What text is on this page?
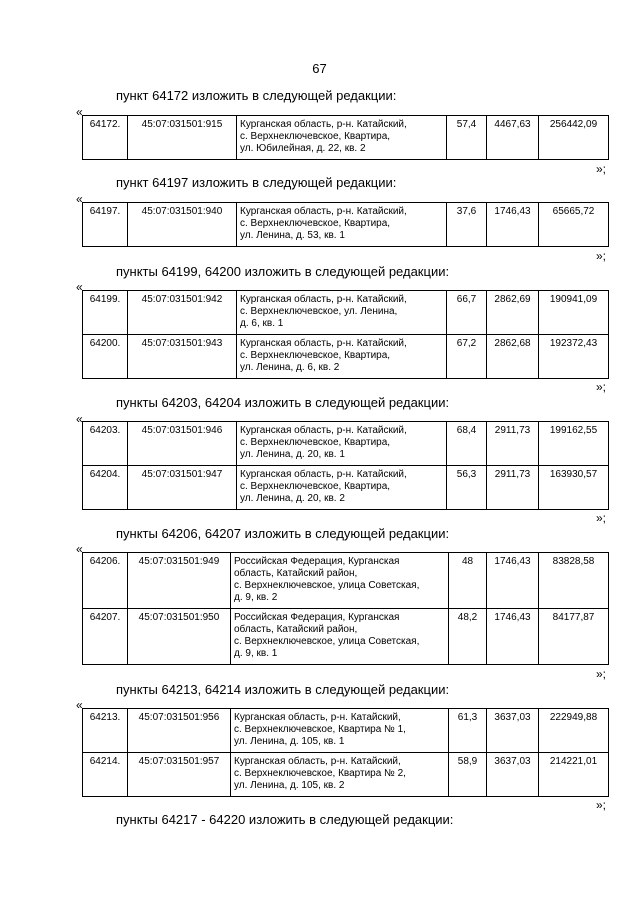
67
пункт 64172 изложить в следующей редакции:
«
64172.	45:07:031501:915	Курганская область, р-н. Катайский,
с. Верхнеключевское, Квартира,
ул. Юбилейная, д. 22, кв. 2
	57,4	4467,63	256442,09
»;
пункт 64197 изложить в следующей редакции:
«
64197.	45:07:031501:940	Курганская область, р-н. Катайский,
с. Верхнеключевское, Квартира,
ул. Ленина, д. 53, кв. 1
	37,6	1746,43	65665,72
»;
пункты 64199, 64200 изложить в следующей редакции:
«
64199.	45:07:031501:942	Курганская область, р-н. Катайский,
с. Верхнеключевское, ул. Ленина,
д. 6, кв. 1	66,7	2862,69	190941,09
64200.	45:07:031501:943	Курганская область, р-н. Катайский,
с. Верхнеключевское, Квартира,
ул. Ленина, д. 6, кв. 2	67,2	2862,68	192372,43
»;
пункты 64203, 64204 изложить в следующей редакции:
«
64203.	45:07:031501:946	Курганская область, р-н. Катайский,
с. Верхнеключевское, Квартира,
ул. Ленина, д. 20, кв. 1	68,4	2911,73	199162,55
64204.	45:07:031501:947	Курганская область, р-н. Катайский,
с. Верхнеключевское, Квартира,
ул. Ленина, д. 20, кв. 2	56,3	2911,73	163930,57
»;
пункты 64206, 64207 изложить в следующей редакции:
«
64206.	45:07:031501:949	Российская Федерация, Курганская
область, Катайский район,
с. Верхнеключевское, улица Советская,
д. 9, кв. 2	48	1746,43	83828,58
64207.	45:07:031501:950	Российская Федерация, Курганская
область, Катайский район,
с. Верхнеключевское, улица Советская,
д. 9, кв. 1	48,2	1746,43	84177,87
»;
пункты 64213, 64214 изложить в следующей редакции:
«
64213.	45:07:031501:956	Курганская область, р-н. Катайский,
с. Верхнеключевское, Квартира № 1,
ул. Ленина, д. 105, кв. 1	61,3	3637,03	222949,88
64214.	45:07:031501:957	Курганская область, р-н. Катайский,
с. Верхнеключевское, Квартира № 2,
ул. Ленина, д. 105, кв. 2	58,9	3637,03	214221,01
»;
пункты 64217 - 64220 изложить в следующей редакции:
